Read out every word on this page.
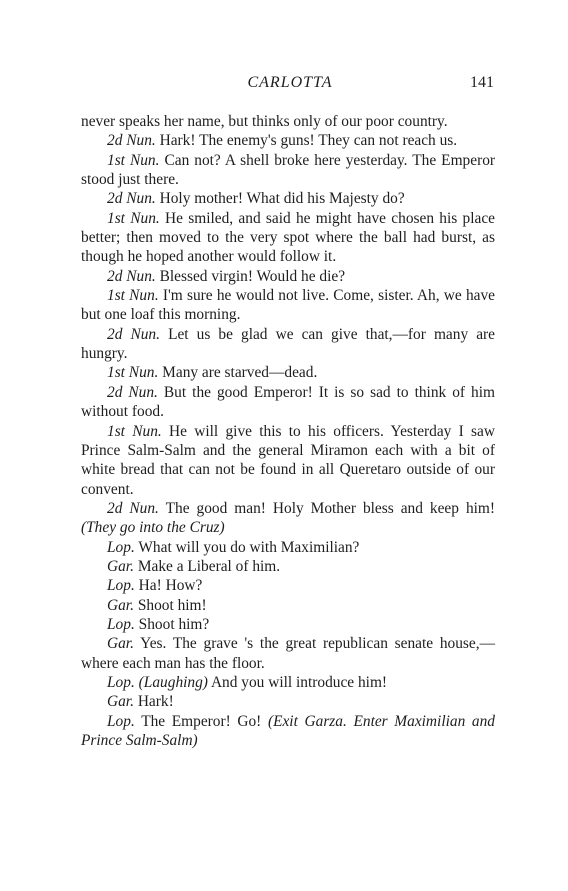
CARLOTTA	141

never speaks her name, but thinks only of our poor country.

2d Nun. Hark! The enemy's guns! They can not reach us.

1st Nun. Can not? A shell broke here yesterday. The Emperor stood just there.

2d Nun. Holy mother! What did his Majesty do?

1st Nun. He smiled, and said he might have chosen his place better; then moved to the very spot where the ball had burst, as though he hoped another would follow it.

2d Nun. Blessed virgin! Would he die?

1st Nun. I'm sure he would not live. Come, sister. Ah, we have but one loaf this morning.

2d Nun. Let us be glad we can give that,—for many are hungry.

1st Nun. Many are starved—dead.

2d Nun. But the good Emperor! It is so sad to think of him without food.

1st Nun. He will give this to his officers. Yesterday I saw Prince Salm-Salm and the general Miramon each with a bit of white bread that can not be found in all Queretaro outside of our convent.

2d Nun. The good man! Holy Mother bless and keep him! (They go into the Cruz)

Lop. What will you do with Maximilian?

Gar. Make a Liberal of him.

Lop. Ha! How?

Gar. Shoot him!

Lop. Shoot him?

Gar. Yes. The grave 's the great republican senate house,—where each man has the floor.

Lop. (Laughing) And you will introduce him!

Gar. Hark!

Lop. The Emperor! Go! (Exit Garza. Enter Maximilian and Prince Salm-Salm)
